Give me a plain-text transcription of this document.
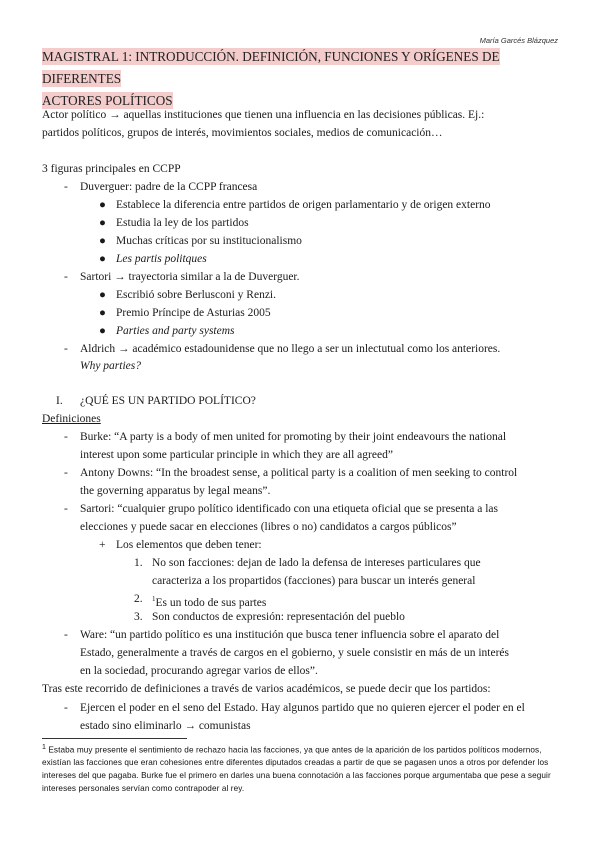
María Garcés Blázquez
MAGISTRAL 1: INTRODUCCIÓN. DEFINICIÓN, FUNCIONES Y ORÍGENES DE DIFERENTES
ACTORES POLÍTICOS
Actor político → aquellas instituciones que tienen una influencia en las decisiones públicas. Ej.:
partidos políticos, grupos de interés, movimientos sociales, medios de comunicación…
3 figuras principales en CCPP
- Duverguer: padre de la CCPP francesa
● Establece la diferencia entre partidos de origen parlamentario y de origen externo
● Estudia la ley de los partidos
● Muchas críticas por su institucionalismo
● Les partis politques
- Sartori → trayectoria similar a la de Duverguer.
● Escribió sobre Berlusconi y Renzi.
● Premio Príncipe de Asturias 2005
● Parties and party systems
- Aldrich → académico estadounidense que no llego a ser un inlectutual como los anteriores.
Why parties?
I. ¿QUÉ ES UN PARTIDO POLÍTICO?
Definiciones
- Burke: “A party is a body of men united for promoting by their joint endeavours the national
interest upon some particular principle in which they are all agreed”
- Antony Downs: “In the broadest sense, a political party is a coalition of men seeking to control
the governing apparatus by legal means”.
- Sartori: “cualquier grupo político identificado con una etiqueta oficial que se presenta a las
elecciones y puede sacar en elecciones (libres o no) candidatos a cargos públicos”
+ Los elementos que deben tener:
1. No son facciones: dejan de lado la defensa de intereses particulares que
caracteriza a los propartidos (facciones) para buscar un interés general
2. $^1$Es un todo de sus partes
3. Son conductos de expresión: representación del pueblo
- Ware: “un partido político es una institución que busca tener influencia sobre el aparato del
Estado, generalmente a través de cargos en el gobierno, y suele consistir en más de un interés
en la sociedad, procurando agregar varios de ellos”.
Tras este recorrido de definiciones a través de varios académicos, se puede decir que los partidos:
- Ejercen el poder en el seno del Estado. Hay algunos partido que no quieren ejercer el poder en el
estado sino eliminarlo → comunistas
1 Estaba muy presente el sentimiento de rechazo hacia las facciones, ya que antes de la aparición de los partidos políticos modernos, existían las facciones que eran cohesiones entre diferentes diputados creadas a partir de que se pagasen unos a otros por defender los intereses del que pagaba. Burke fue el primero en darles una buena connotación a las facciones porque argumentaba que pese a seguir intereses personales servían como contrapoder al rey.
